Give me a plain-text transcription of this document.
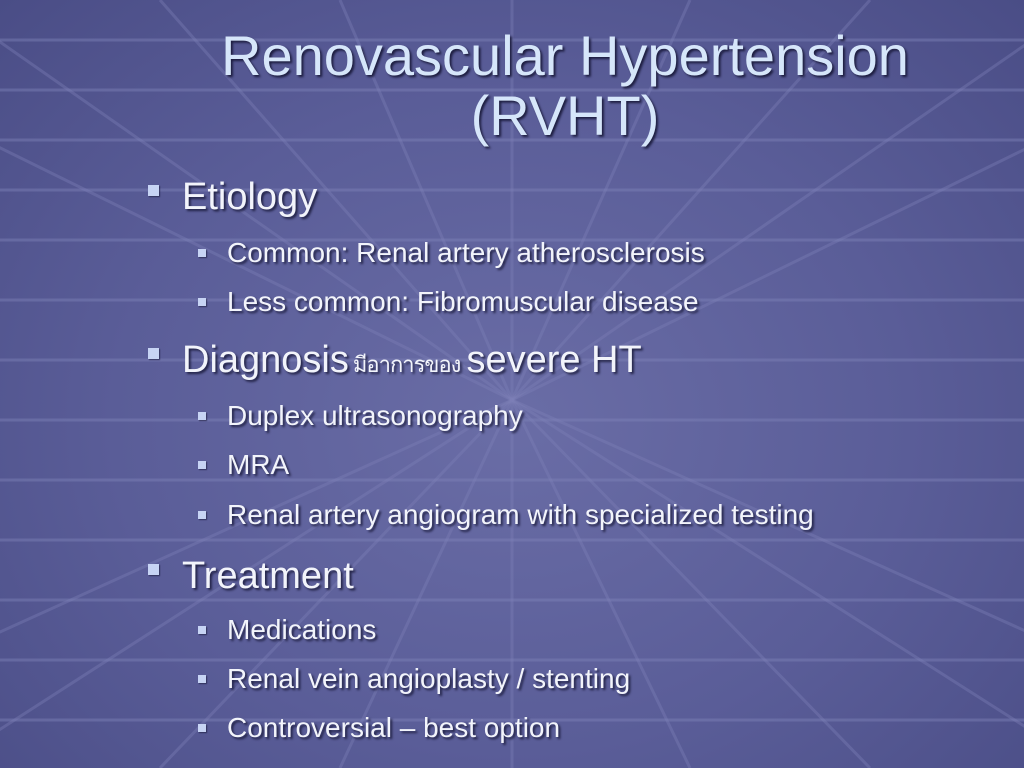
Renovascular Hypertension
(RVHT)
Etiology
Common: Renal artery atherosclerosis
Less common: Fibromuscular disease
Diagnosis มีอาการของ severe HT
Duplex ultrasonography
MRA
Renal artery angiogram with specialized testing
Treatment
Medications
Renal vein angioplasty / stenting
Controversial – best option
